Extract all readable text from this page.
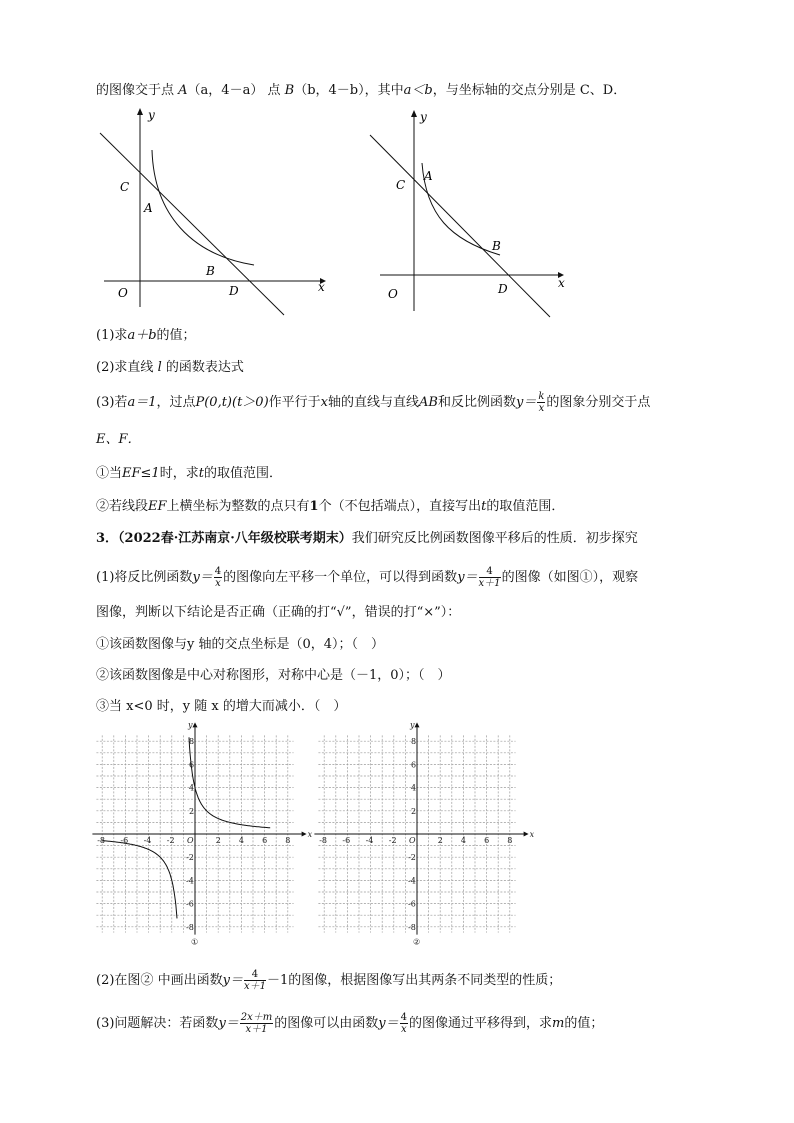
的图像交于点 A（a，4－a） 点 B（b，4－b），其中a＜b，与坐标轴的交点分别是 C、D．
y
x
O
C
A
B
D
y
x
O
C
A
B
D
(1)求a＋b的值；
(2)求直线 l 的函数表达式
(3)若a＝1，过点P(0,t)(t＞0)作平行于x轴的直线与直线AB和反比例函数$y= \frac{k}{x}$ 的图象分别交于点
E、F．
①当EF≤1时，求t的取值范围．
②若线段EF上横坐标为整数的点只有1个（不包括端点），直接写出t的取值范围．
3．（2022春·江苏南京·八年级校联考期末）我们研究反比例函数图像平移后的性质．初步探究
(1)将反比例函数$y= \frac{4}{x}$ 的图像向左平移一个单位，可以得到函数$y= \frac{4}{x+1}$ 的图像（如图①），观察
图像，判断以下结论是否正确（正确的打“√”，错误的打“×”）：
①该函数图像与y 轴的交点坐标是（0，4）；（　）
②该函数图像是中心对称图形，对称中心是（－1，0）；（　）
③当 x<0 时，y 随 x 的增大而减小．（　）
x
y
O
-8 -6 -4 -2	2 4 6 8
8
6
4
2
-2
-4
-6
-8
①
x
y
O
-8 -6 -4 -2	2 4 6 8
8
6
4
2
-2
-4
-6
-8
②
(2)在图② 中画出函数$y= \frac{4}{x+1} -1$的图像，根据图像写出其两条不同类型的性质；
(3)问题解决：若函数$y= \frac{2x+m}{x+1}$ 的图像可以由函数$y= \frac{4}{x}$ 的图像通过平移得到，求m的值；
